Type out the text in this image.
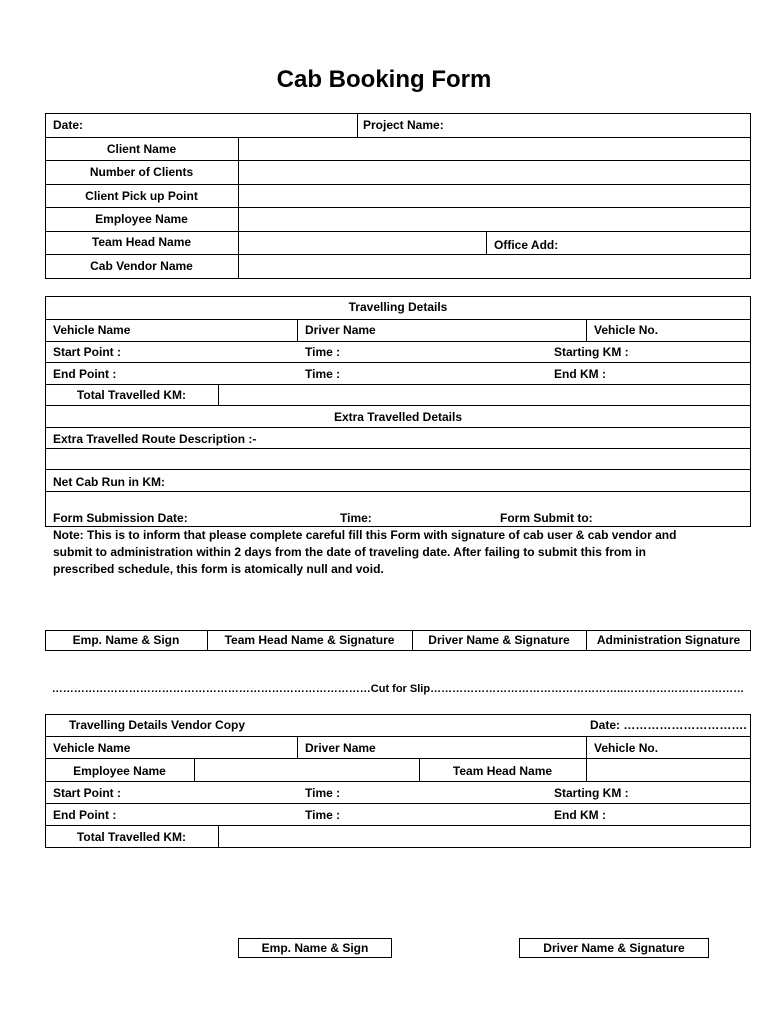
Cab Booking Form
Date:	Project Name:
Client Name
Number of Clients
Client Pick up Point
Employee Name
Team Head Name	Office Add:
Cab Vendor Name
Travelling Details
Vehicle Name	Driver Name	Vehicle No.
Start Point :	Time :	Starting KM :
End Point :	Time :	End KM :
Total Travelled KM:
Extra Travelled Details
Extra Travelled Route Description :-
Net Cab Run in KM:
Form Submission Date:	Time:	Form Submit to:
Note: This is to inform that please complete careful fill this Form with signature of cab user & cab vendor and submit to administration within 2 days from the date of traveling date. After failing to submit this from in prescribed schedule, this form is atomically null and void.
Emp. Name & Sign	Team Head Name & Signature	Driver Name & Signature	Administration Signature
……………………………………………………………………………Cut for Slip……………………………………………..……………………………
Travelling Details Vendor Copy	Date: ………………………….
Vehicle Name	Driver Name	Vehicle No.
Employee Name	Team Head Name
Start Point :	Time :	Starting KM :
End Point :	Time :	End KM :
Total Travelled KM:
Emp. Name & Sign	Driver Name & Signature
